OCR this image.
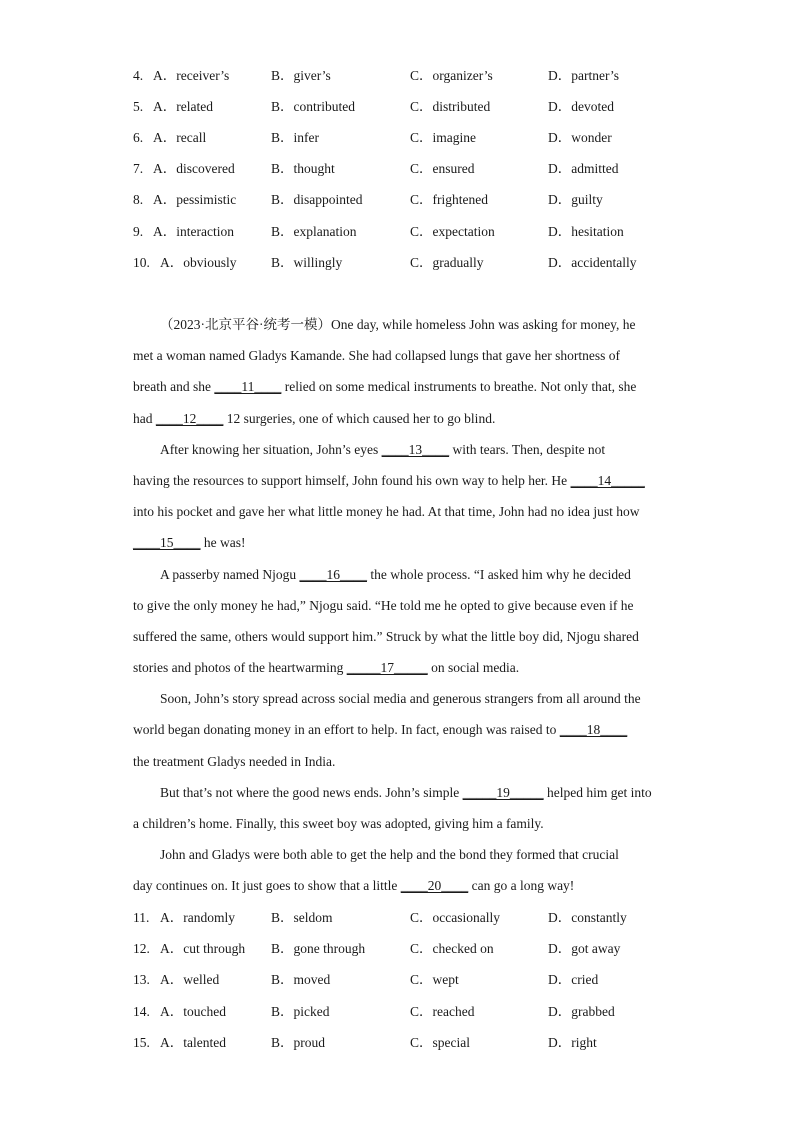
4. A．receiver’s	B．giver’s	C．organizer’s	D．partner’s
5. A．related	B．contributed	C．distributed	D．devoted
6. A．recall	B．infer	C．imagine	D．wonder
7. A．discovered	B．thought	C．ensured	D．admitted
8. A．pessimistic	B．disappointed	C．frightened	D．guilty
9. A．interaction	B．explanation	C．expectation	D．hesitation
10. A．obviously	B．willingly	C．gradually	D．accidentally
（2023·北京平谷·统考一模）One day, while homeless John was asking for money, he
met a woman named Gladys Kamande. She had collapsed lungs that gave her shortness of
breath and she ____11____ relied on some medical instruments to breathe. Not only that, she
had ____12____ 12 surgeries, one of which caused her to go blind.
After knowing her situation, John’s eyes ____13____ with tears. Then, despite not
having the resources to support himself, John found his own way to help her. He ____14_____
into his pocket and gave her what little money he had. At that time, John had no idea just how
____15____ he was!
A passerby named Njogu ____16____ the whole process. “I asked him why he decided
to give the only money he had,” Njogu said. “He told me he opted to give because even if he
suffered the same, others would support him.” Struck by what the little boy did, Njogu shared
stories and photos of the heartwarming _____17_____ on social media.
Soon, John’s story spread across social media and generous strangers from all around the
world began donating money in an effort to help. In fact, enough was raised to ____18____
the treatment Gladys needed in India.
But that’s not where the good news ends. John’s simple _____19_____ helped him get into
a children’s home. Finally, this sweet boy was adopted, giving him a family.
John and Gladys were both able to get the help and the bond they formed that crucial
day continues on. It just goes to show that a little ____20____ can go a long way!
11. A．randomly	B．seldom	C．occasionally	D．constantly
12. A．cut through B．gone through	C．checked on	D．got away
13. A．welled	B．moved	C．wept	D．cried
14. A．touched	B．picked	C．reached	D．grabbed
15. A．talented	B．proud	C．special	D．right
